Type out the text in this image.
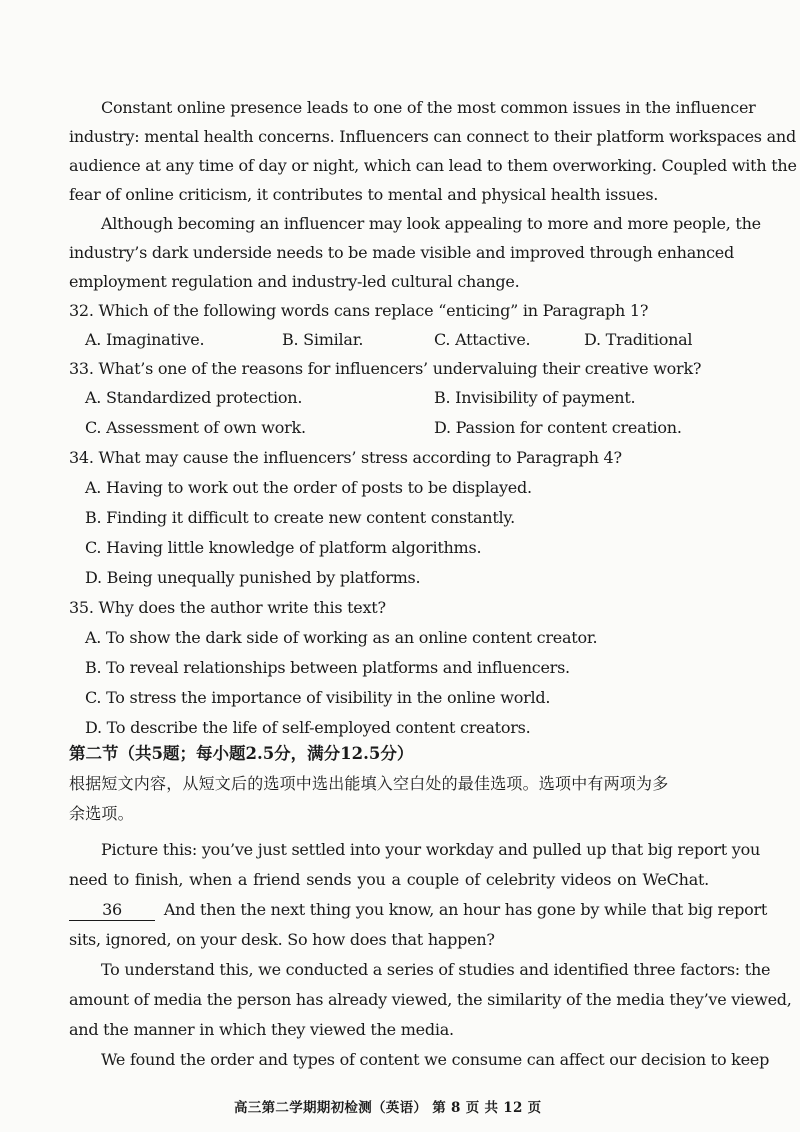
Constant online presence leads to one of the most common issues in the influencer

industry: mental health concerns. Influencers can connect to their platform workspaces and

audience at any time of day or night, which can lead to them overworking. Coupled with the

fear of online criticism, it contributes to mental and physical health issues.

Although becoming an influencer may look appealing to more and more people, the

industry’s dark underside needs to be made visible and improved through enhanced

employment regulation and industry-led cultural change.

32. Which of the following words cans replace “enticing” in Paragraph 1?

A. Imaginative.	B. Similar.	C. Attactive.	D. Traditional

33. What’s one of the reasons for influencers’ undervaluing their creative work?

A. Standardized protection.	B. Invisibility of payment.
C. Assessment of own work.	D. Passion for content creation.

34. What may cause the influencers’ stress according to Paragraph 4?

A. Having to work out the order of posts to be displayed.
B. Finding it difficult to create new content constantly.
C. Having little knowledge of platform algorithms.
D. Being unequally punished by platforms.

35. Why does the author write this text?

A. To show the dark side of working as an online content creator.
B. To reveal relationships between platforms and influencers.
C. To stress the importance of visibility in the online world.
D. To describe the life of self-employed content creators.

第二节（共5题；每小题2.5分，满分12.5分）

根据短文内容，从短文后的选项中选出能填入空白处的最佳选项。选项中有两项为多

余选项。

Picture this: you’ve just settled into your workday and pulled up that big report you

need to finish, when a friend sends you a couple of celebrity videos on WeChat.

36	And then the next thing you know, an hour has gone by while that big report

sits, ignored, on your desk. So how does that happen?

To understand this, we conducted a series of studies and identified three factors: the

amount of media the person has already viewed, the similarity of the media they’ve viewed,

and the manner in which they viewed the media.

We found the order and types of content we consume can affect our decision to keep

高三第二学期期初检测（英语） 第 8 页 共 12 页
